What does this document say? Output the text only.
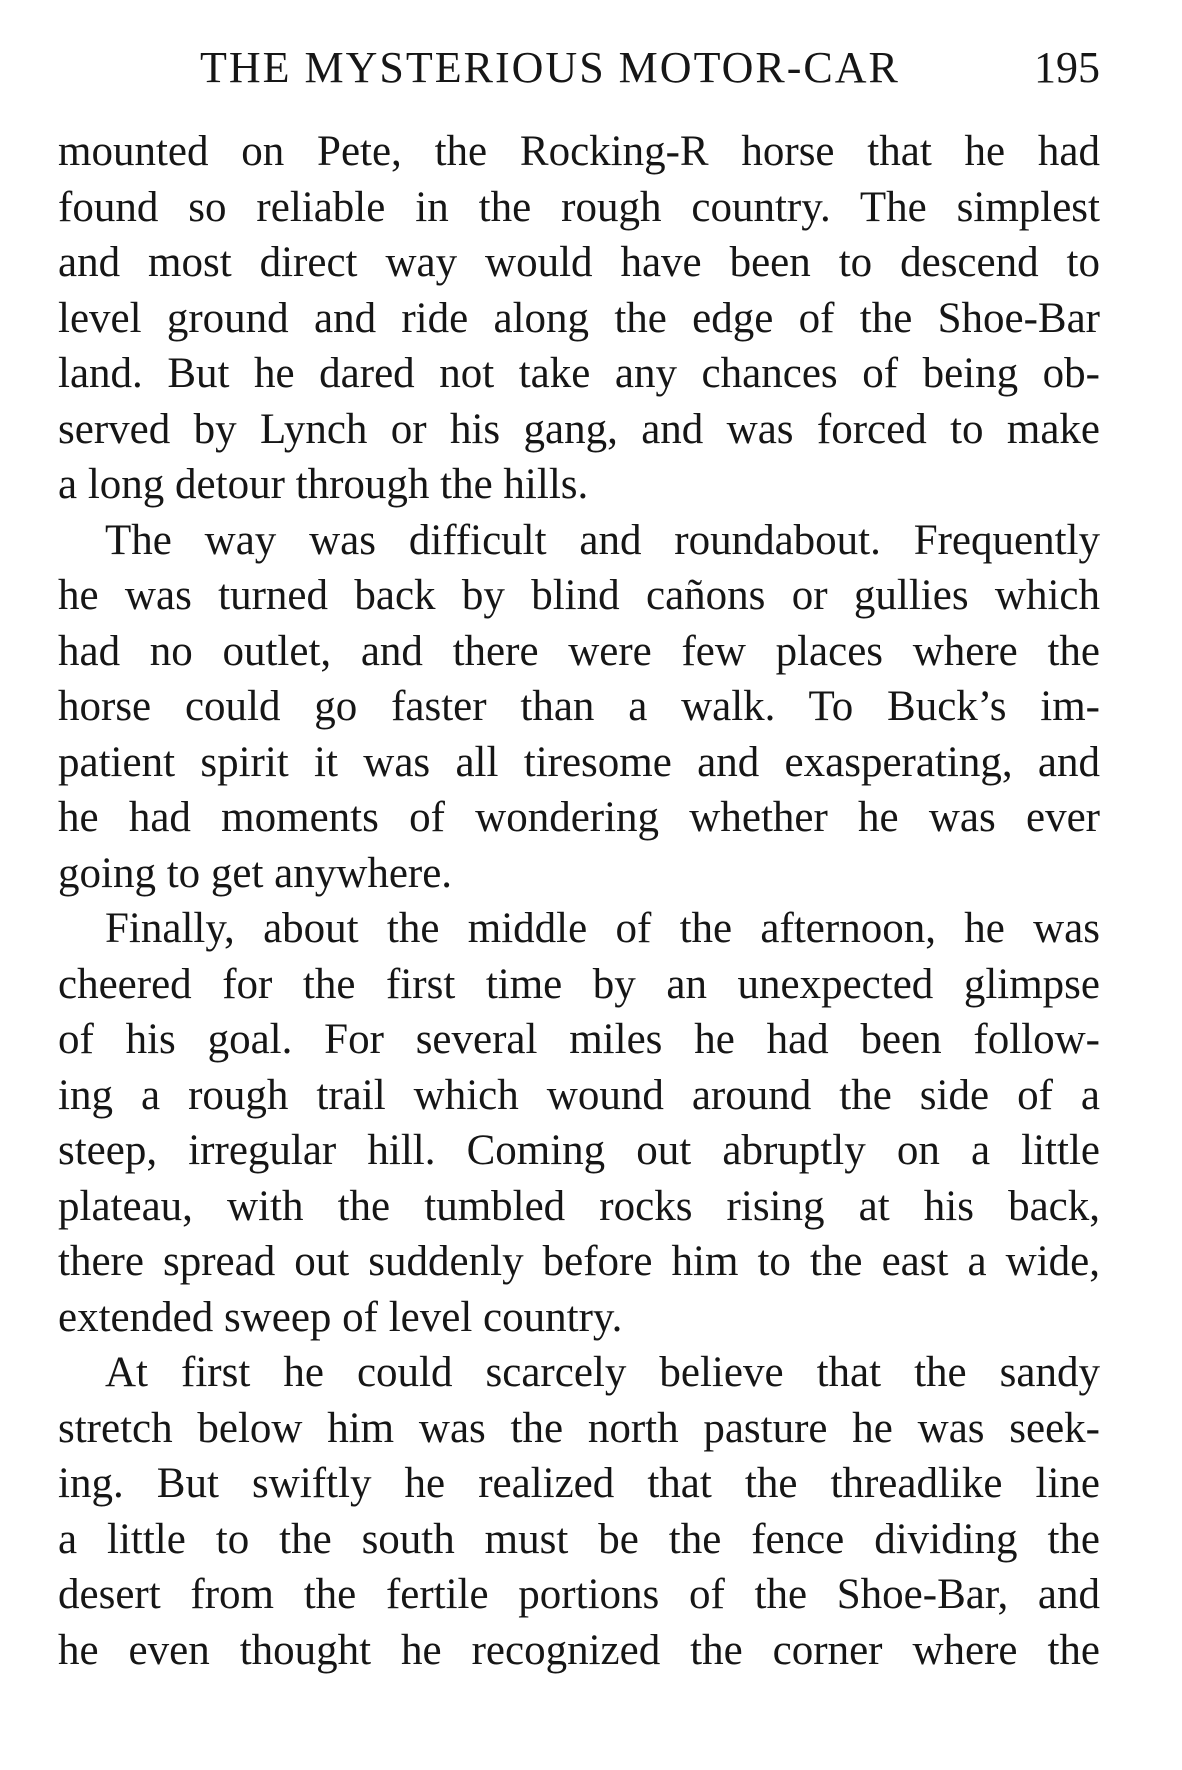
THE MYSTERIOUS MOTOR-CAR	195

mounted on Pete, the Rocking-R horse that he had
found so reliable in the rough country. The simplest
and most direct way would have been to descend to
level ground and ride along the edge of the Shoe-Bar
land. But he dared not take any chances of being ob-
served by Lynch or his gang, and was forced to make
a long detour through the hills.

The way was difficult and roundabout. Frequently
he was turned back by blind cañons or gullies which
had no outlet, and there were few places where the
horse could go faster than a walk. To Buck’s im-
patient spirit it was all tiresome and exasperating, and
he had moments of wondering whether he was ever
going to get anywhere.

Finally, about the middle of the afternoon, he was
cheered for the first time by an unexpected glimpse
of his goal. For several miles he had been follow-
ing a rough trail which wound around the side of a
steep, irregular hill. Coming out abruptly on a little
plateau, with the tumbled rocks rising at his back,
there spread out suddenly before him to the east a wide,
extended sweep of level country.

At first he could scarcely believe that the sandy
stretch below him was the north pasture he was seek-
ing. But swiftly he realized that the threadlike line
a little to the south must be the fence dividing the
desert from the fertile portions of the Shoe-Bar, and
he even thought he recognized the corner where the
